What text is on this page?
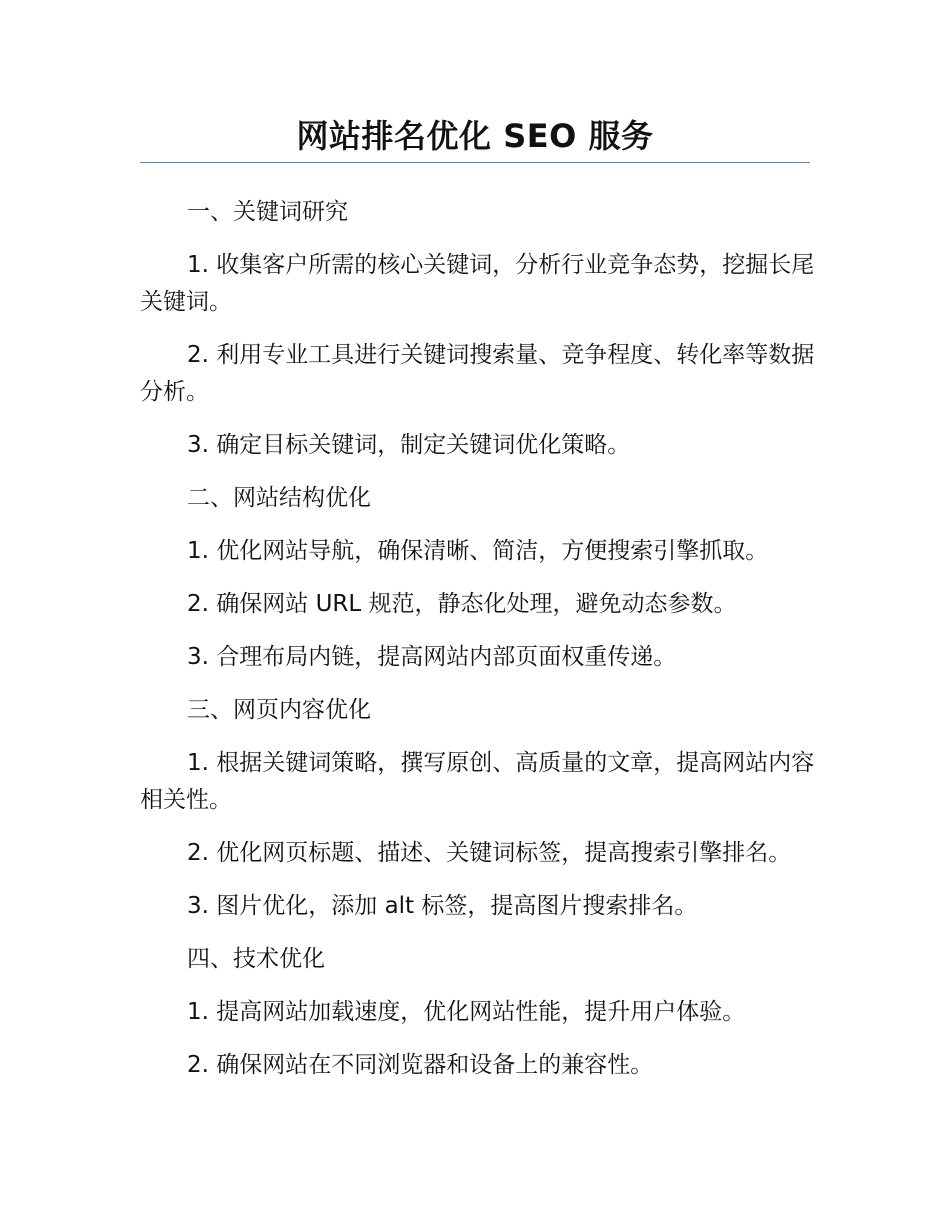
网站排名优化 SEO 服务

一、关键词研究

1. 收集客户所需的核心关键词，分析行业竞争态势，挖掘长尾关键词。

2. 利用专业工具进行关键词搜索量、竞争程度、转化率等数据分析。

3. 确定目标关键词，制定关键词优化策略。

二、网站结构优化

1. 优化网站导航，确保清晰、简洁，方便搜索引擎抓取。

2. 确保网站 URL 规范，静态化处理，避免动态参数。

3. 合理布局内链，提高网站内部页面权重传递。

三、网页内容优化

1. 根据关键词策略，撰写原创、高质量的文章，提高网站内容相关性。

2. 优化网页标题、描述、关键词标签，提高搜索引擎排名。

3. 图片优化，添加 alt 标签，提高图片搜索排名。

四、技术优化

1. 提高网站加载速度，优化网站性能，提升用户体验。

2. 确保网站在不同浏览器和设备上的兼容性。
